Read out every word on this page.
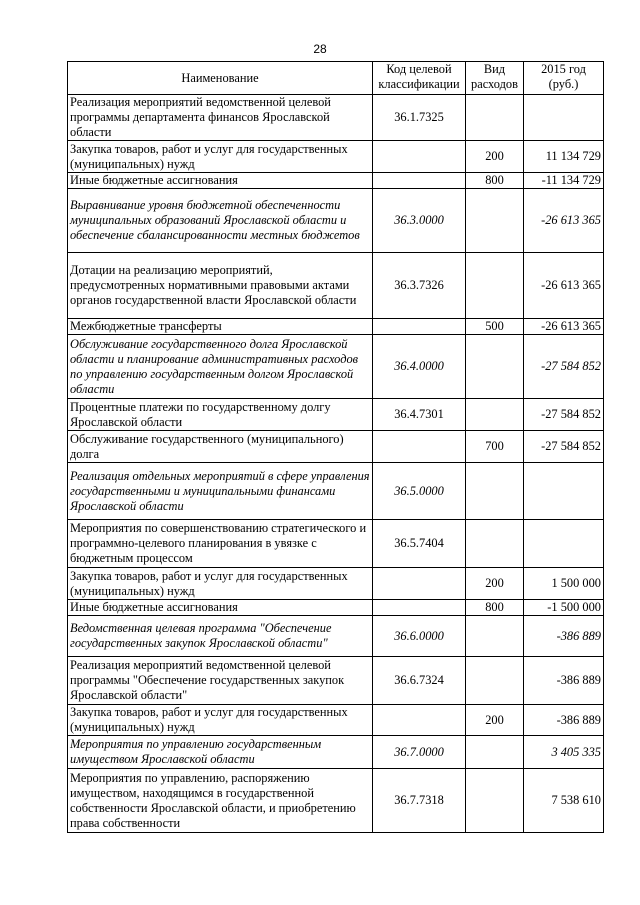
28
Наименование	Код целевой классификации	Вид расходов	2015 год (руб.)
Реализация мероприятий ведомственной целевой программы департамента финансов Ярославской области	36.1.7325		
Закупка товаров, работ и услуг для государственных (муниципальных) нужд		200	11 134 729
Иные бюджетные ассигнования		800	-11 134 729
Выравнивание уровня бюджетной обеспеченности муниципальных образований Ярославской области и обеспечение сбалансированности местных бюджетов	36.3.0000		-26 613 365
Дотации на реализацию мероприятий, предусмотренных нормативными правовыми актами органов государственной власти Ярославской области	36.3.7326		-26 613 365
Межбюджетные трансферты		500	-26 613 365
Обслуживание государственного долга Ярославской области и планирование административных расходов по управлению государственным долгом Ярославской области	36.4.0000		-27 584 852
Процентные платежи по государственному долгу Ярославской области	36.4.7301		-27 584 852
Обслуживание государственного (муниципального) долга		700	-27 584 852
Реализация отдельных мероприятий в сфере управления государственными и муниципальными финансами Ярославской области	36.5.0000		
Мероприятия по совершенствованию стратегического и программно-целевого планирования в увязке с бюджетным процессом	36.5.7404		
Закупка товаров, работ и услуг для государственных (муниципальных) нужд		200	1 500 000
Иные бюджетные ассигнования		800	-1 500 000
Ведомственная целевая программа "Обеспечение государственных закупок Ярославской области"	36.6.0000		-386 889
Реализация мероприятий ведомственной целевой программы "Обеспечение государственных закупок Ярославской области"	36.6.7324		-386 889
Закупка товаров, работ и услуг для государственных (муниципальных) нужд		200	-386 889
Мероприятия по управлению государственным имуществом Ярославской области	36.7.0000		3 405 335
Мероприятия по управлению, распоряжению имуществом, находящимся в государственной собственности Ярославской области, и приобретению права собственности	36.7.7318		7 538 610
